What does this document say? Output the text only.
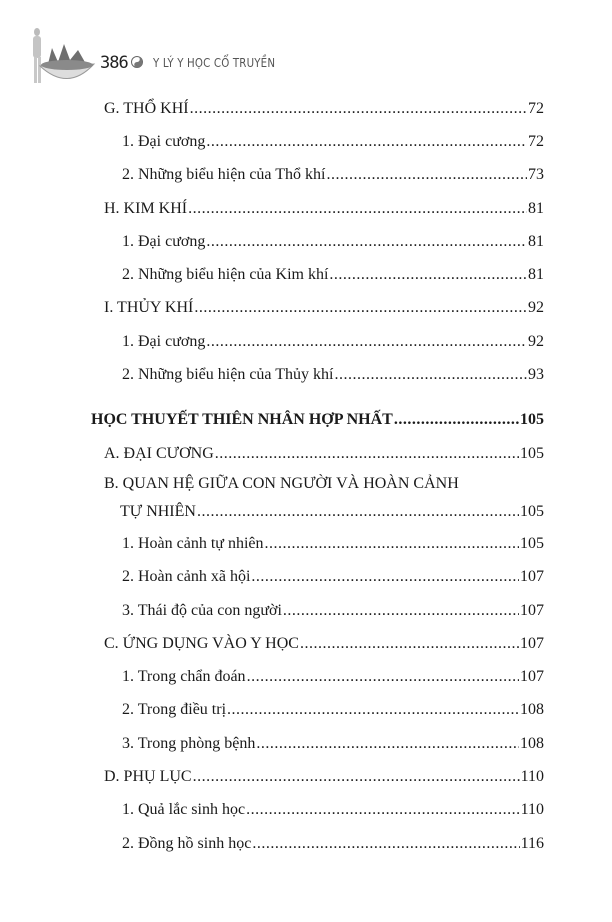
386 Y LÝ Y HỌC CỔ TRUYỀN
G. THỔ KHÍ .....	72
1. Đại cương .....	72
2. Những biểu hiện của Thổ khí .....	73
H. KIM KHÍ .....	81
1. Đại cương .....	81
2. Những biểu hiện của Kim khí .....	81
I. THỦY KHÍ .....	92
1. Đại cương .....	92
2. Những biểu hiện của Thủy khí .....	93
HỌC THUYẾT THIÊN NHÂN HỢP NHẤT .....	105
A. ĐẠI CƯƠNG .....	105
B. QUAN HỆ GIỮA CON NGƯỜI VÀ HOÀN CẢNH
TỰ NHIÊN .....	105
1. Hoàn cảnh tự nhiên .....	105
2. Hoàn cảnh xã hội .....	107
3. Thái độ của con người .....	107
C. ỨNG DỤNG VÀO Y HỌC .....	107
1. Trong chẩn đoán .....	107
2. Trong điều trị .....	108
3. Trong phòng bệnh .....	108
D. PHỤ LỤC .....	110
1. Quả lắc sinh học .....	110
2. Đồng hồ sinh học .....	116
